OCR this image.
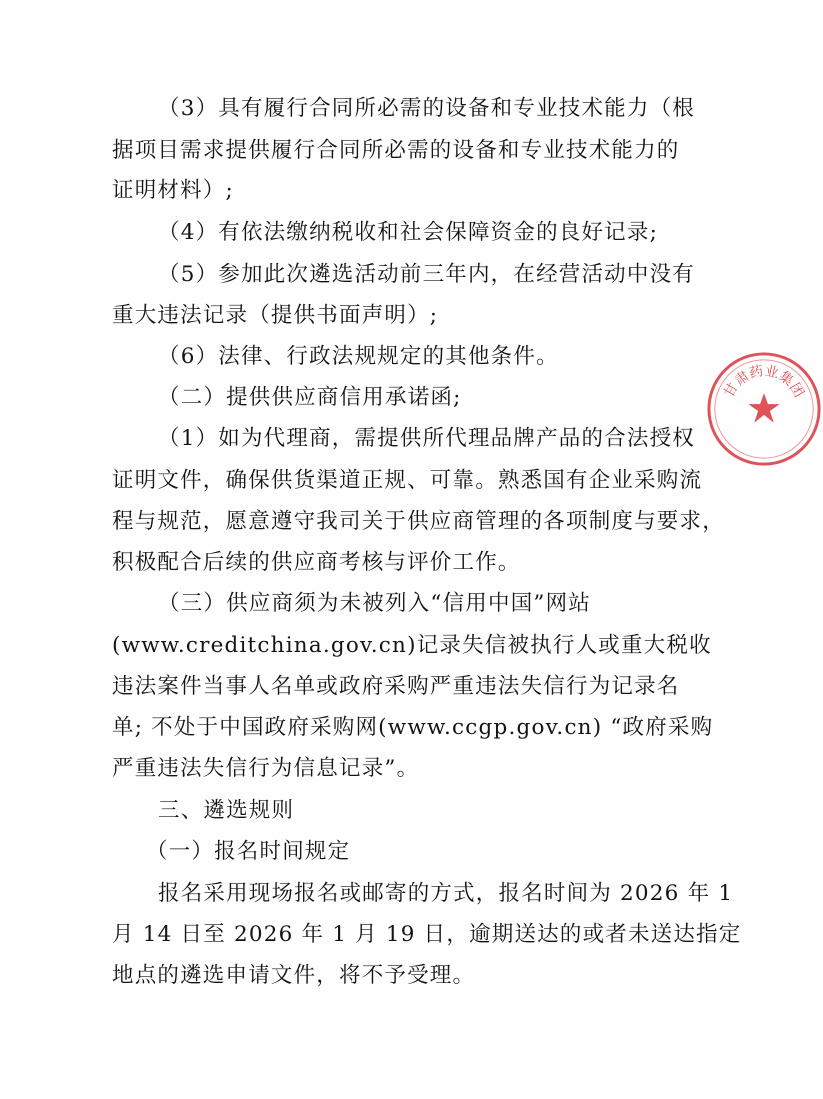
（3）具有履行合同所必需的设备和专业技术能力（根
据项目需求提供履行合同所必需的设备和专业技术能力的
证明材料）;
（4）有依法缴纳税收和社会保障资金的良好记录;
（5）参加此次遴选活动前三年内，在经营活动中没有
重大违法记录（提供书面声明）;
（6）法律、行政法规规定的其他条件。
（二）提供供应商信用承诺函;
（1）如为代理商，需提供所代理品牌产品的合法授权
证明文件，确保供货渠道正规、可靠。熟悉国有企业采购流
程与规范，愿意遵守我司关于供应商管理的各项制度与要求，
积极配合后续的供应商考核与评价工作。
（三）供应商须为未被列入“信用中国”网站
(www.creditchina.gov.cn)记录失信被执行人或重大税收
违法案件当事人名单或政府采购严重违法失信行为记录名
单; 不处于中国政府采购网(www.ccgp.gov.cn) “政府采购
严重违法失信行为信息记录”。
三、遴选规则
（一）报名时间规定
报名采用现场报名或邮寄的方式，报名时间为 2026 年 1
月 14 日至 2026 年 1 月 19 日，逾期送达的或者未送达指定
地点的遴选申请文件，将不予受理。
甘
肃
药
业
集
团
